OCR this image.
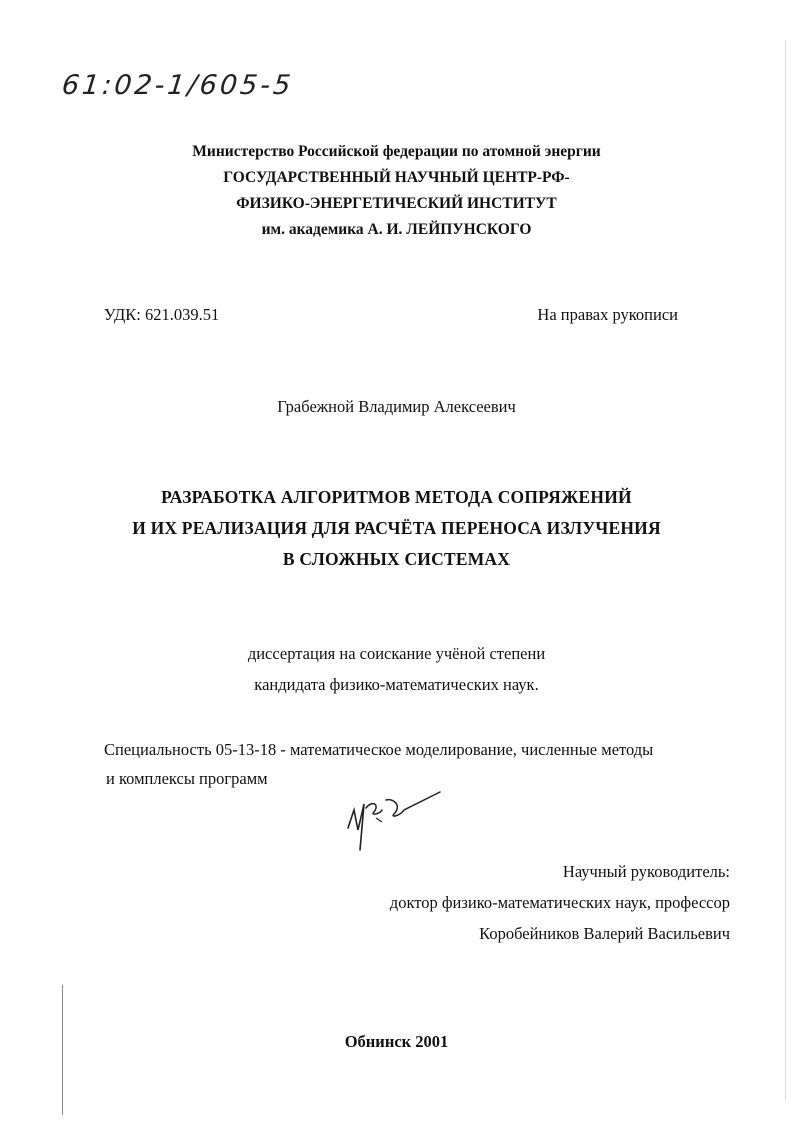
61:02-1/605-5
Министерство Российской федерации по атомной энергии
ГОСУДАРСТВЕННЫЙ НАУЧНЫЙ ЦЕНТР-РФ-
ФИЗИКО-ЭНЕРГЕТИЧЕСКИЙ ИНСТИТУТ
им. академика А. И. ЛЕЙПУНСКОГО
УДК: 621.039.51	На правах рукописи
Грабежной Владимир Алексеевич
РАЗРАБОТКА АЛГОРИТМОВ МЕТОДА СОПРЯЖЕНИЙ
И ИХ РЕАЛИЗАЦИЯ ДЛЯ РАСЧЁТА ПЕРЕНОСА ИЗЛУЧЕНИЯ
В СЛОЖНЫХ СИСТЕМАХ
диссертация на соискание учёной степени
кандидата физико-математических наук.
Специальность 05-13-18 - математическое моделирование, численные методы
и комплексы программ
Научный руководитель:
доктор физико-математических наук, профессор
Коробейников Валерий Васильевич
Обнинск 2001
